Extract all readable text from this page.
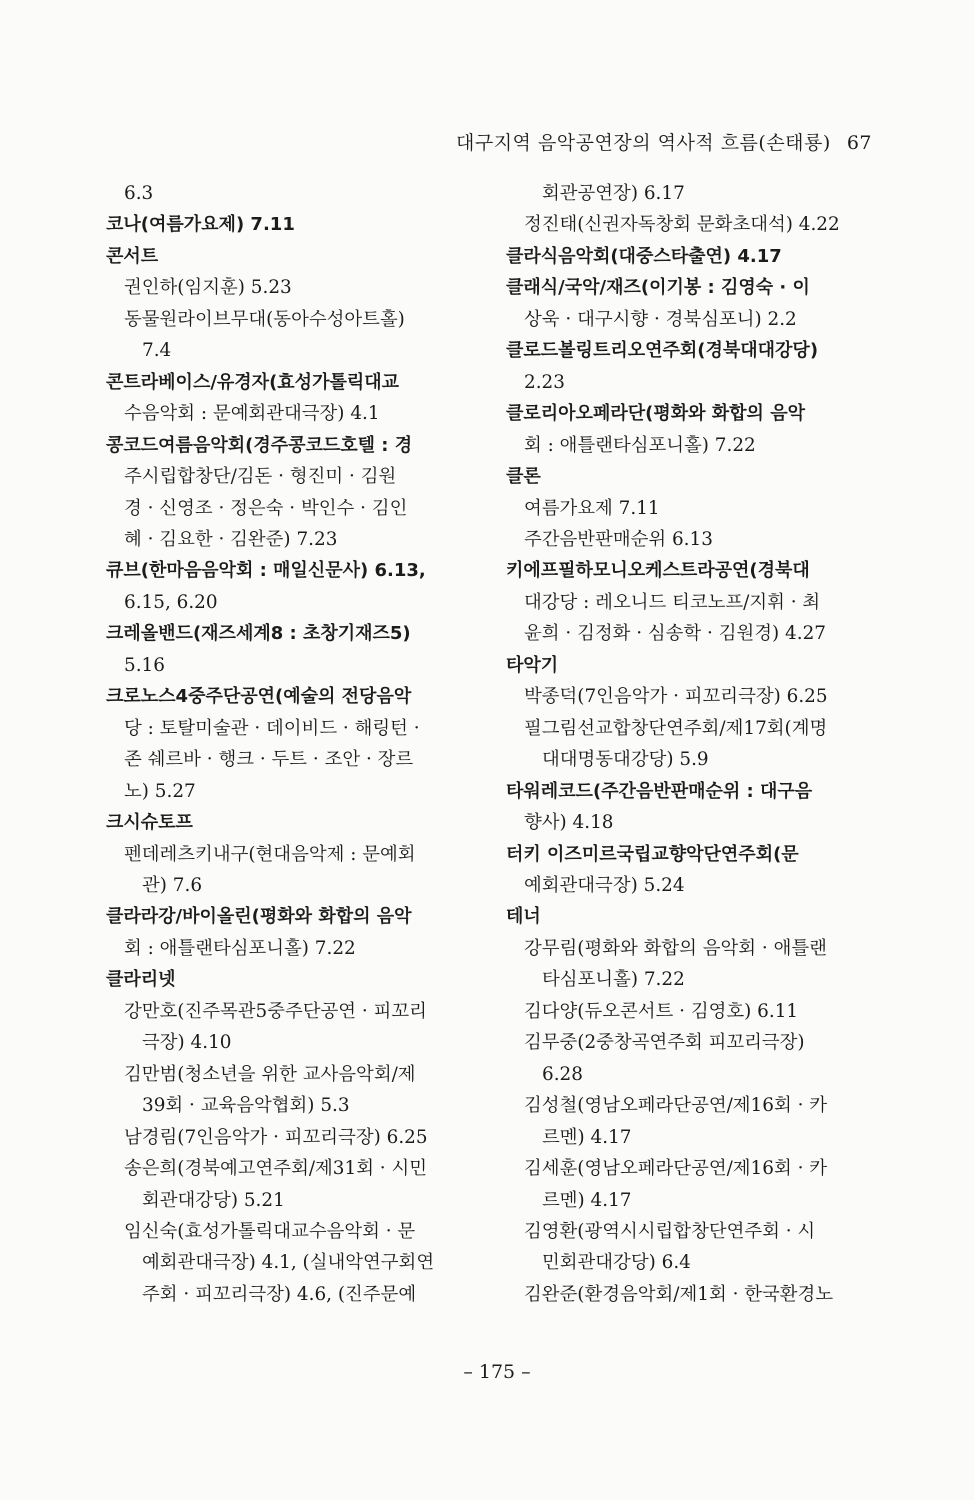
대구지역 음악공연장의 역사적 흐름(손태룡) 67
6.3
코나(여름가요제) 7.11
콘서트
권인하(임지훈) 5.23
동물원라이브무대(동아수성아트홀)
7.4
콘트라베이스/유경자(효성가톨릭대교
수음악회 : 문예회관대극장) 4.1
콩코드여름음악회(경주콩코드호텔 : 경
주시립합창단/김돈 · 형진미 · 김원
경 · 신영조 · 정은숙 · 박인수 · 김인
혜 · 김요한 · 김완준) 7.23
큐브(한마음음악회 : 매일신문사) 6.13,
6.15, 6.20
크레올밴드(재즈세계8 : 초창기재즈5)
5.16
크로노스4중주단공연(예술의 전당음악
당 : 토탈미술관 · 데이비드 · 해링턴 ·
존 쉐르바 · 행크 · 두트 · 조안 · 장르
노) 5.27
크시슈토프
펜데레츠키내구(현대음악제 : 문예회
관) 7.6
클라라강/바이올린(평화와 화합의 음악
회 : 애틀랜타심포니홀) 7.22
클라리넷
강만호(진주목관5중주단공연 · 피꼬리
극장) 4.10
김만범(청소년을 위한 교사음악회/제
39회 · 교육음악협회) 5.3
남경림(7인음악가 · 피꼬리극장) 6.25
송은희(경북예고연주회/제31회 · 시민
회관대강당) 5.21
임신숙(효성가톨릭대교수음악회 · 문
예회관대극장) 4.1, (실내악연구회연
주회 · 피꼬리극장) 4.6, (진주문예
회관공연장) 6.17
정진태(신권자독창회 문화초대석) 4.22
클라식음악회(대중스타출연) 4.17
클래식/국악/재즈(이기봉 : 김영숙 · 이
상욱 · 대구시향 · 경북심포니) 2.2
클로드볼링트리오연주회(경북대대강당)
2.23
클로리아오페라단(평화와 화합의 음악
회 : 애틀랜타심포니홀) 7.22
클론
여름가요제 7.11
주간음반판매순위 6.13
키에프필하모니오케스트라공연(경북대
대강당 : 레오니드 티코노프/지휘 · 최
윤희 · 김정화 · 심송학 · 김원경) 4.27
타악기
박종덕(7인음악가 · 피꼬리극장) 6.25
필그림선교합창단연주회/제17회(계명
대대명동대강당) 5.9
타워레코드(주간음반판매순위 : 대구음
향사) 4.18
터키 이즈미르국립교향악단연주회(문
예회관대극장) 5.24
테너
강무림(평화와 화합의 음악회 · 애틀랜
타심포니홀) 7.22
김다양(듀오콘서트 · 김영호) 6.11
김무중(2중창곡연주회 피꼬리극장)
6.28
김성철(영남오페라단공연/제16회 · 카
르멘) 4.17
김세훈(영남오페라단공연/제16회 · 카
르멘) 4.17
김영환(광역시시립합창단연주회 · 시
민회관대강당) 6.4
김완준(환경음악회/제1회 · 한국환경노
– 175 –
